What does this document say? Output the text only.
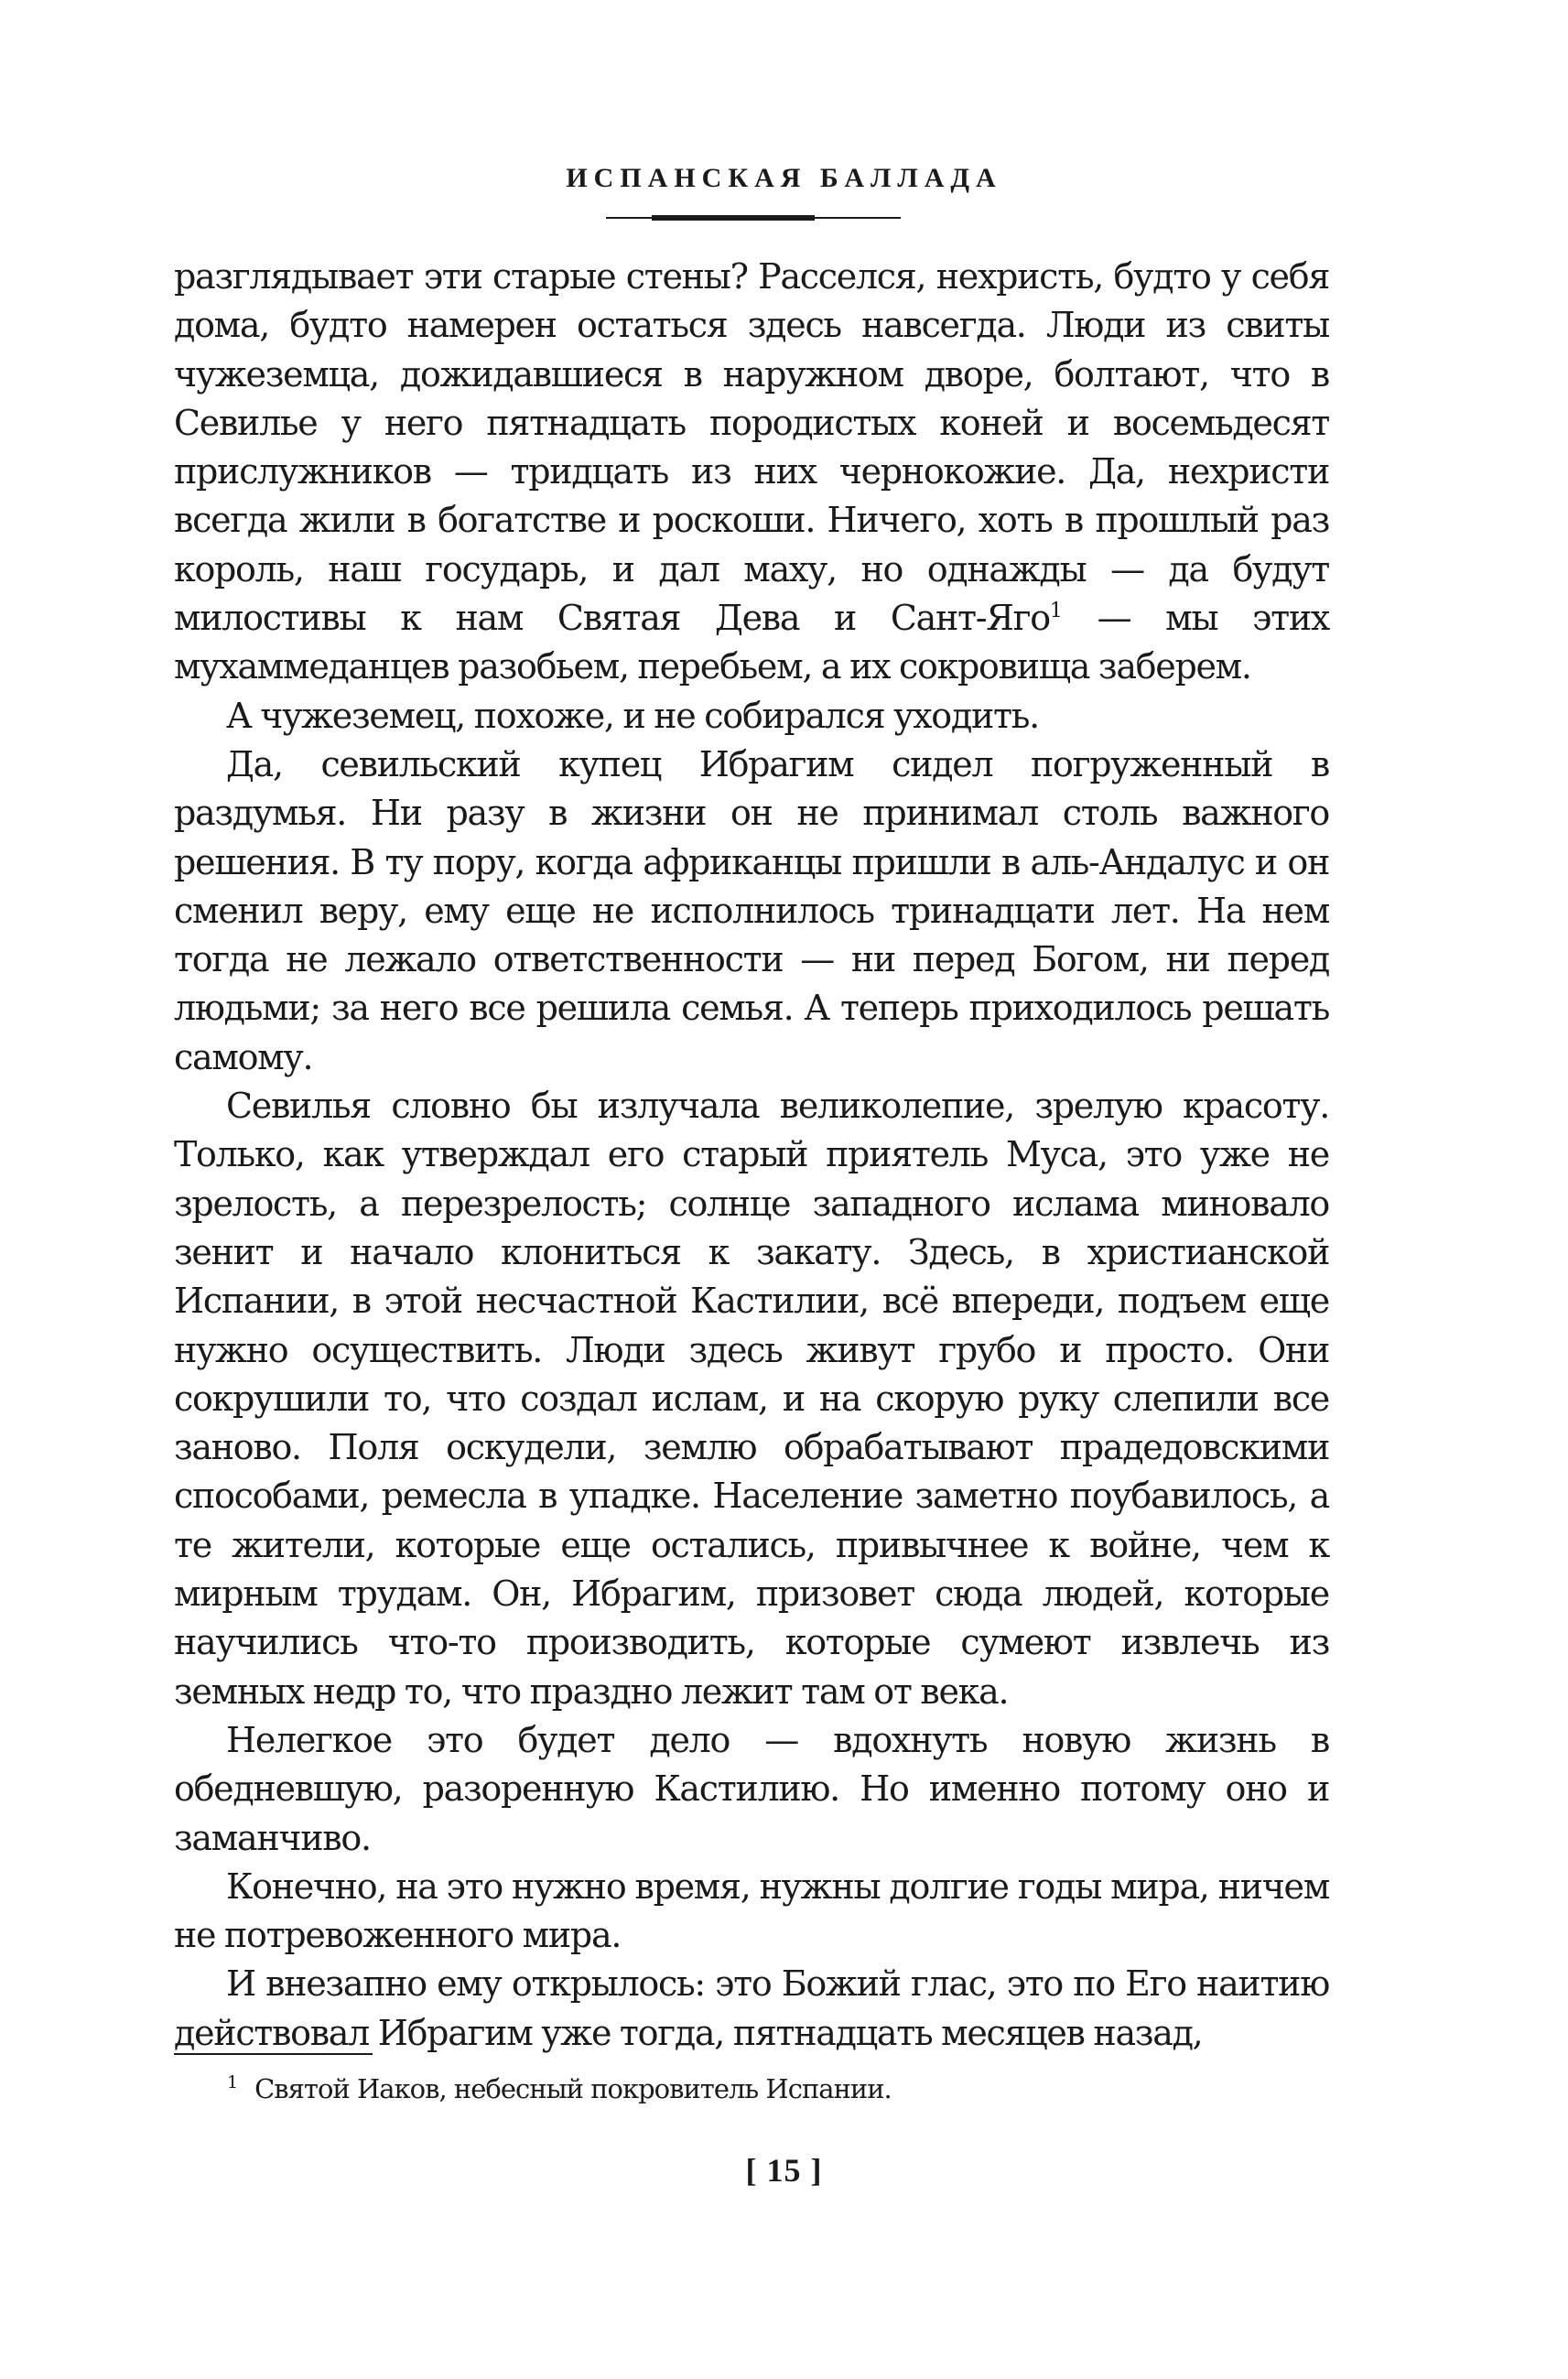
ИСПАНСКАЯ БАЛЛАДА

разглядывает эти старые стены? Расселся, нехристь, будто у себя дома, будто намерен остаться здесь навсегда. Люди из свиты чужеземца, дожидавшиеся в наружном дворе, болтают, что в Севилье у него пятнадцать породистых коней и восемьдесят прислужников — тридцать из них чернокожие. Да, нехристи всегда жили в богатстве и роскоши. Ничего, хоть в прошлый раз король, наш государь, и дал маху, но однажды — да будут милостивы к нам Святая Дева и Сант-Яго$^1$ — мы этих мухаммеданцев разобьем, перебьем, а их сокровища заберем.

А чужеземец, похоже, и не собирался уходить.

Да, севильский купец Ибрагим сидел погруженный в раздумья. Ни разу в жизни он не принимал столь важного решения. В ту пору, когда африканцы пришли в аль-Андалус и он сменил веру, ему еще не исполнилось тринадцати лет. На нем тогда не лежало ответственности — ни перед Богом, ни перед людьми; за него все решила семья. А теперь приходилось решать самому.

Севилья словно бы излучала великолепие, зрелую красоту. Только, как утверждал его старый приятель Муса, это уже не зрелость, а перезрелость; солнце западного ислама миновало зенит и начало клониться к закату. Здесь, в христианской Испании, в этой несчастной Кастилии, всё впереди, подъем еще нужно осуществить. Люди здесь живут грубо и просто. Они сокрушили то, что создал ислам, и на скорую руку слепили все заново. Поля оскудели, землю обрабатывают прадедовскими способами, ремесла в упадке. Население заметно поубавилось, а те жители, которые еще остались, привычнее к войне, чем к мирным трудам. Он, Ибрагим, призовет сюда людей, которые научились что-то производить, которые сумеют извлечь из земных недр то, что праздно лежит там от века.

Нелегкое это будет дело — вдохнуть новую жизнь в обедневшую, разоренную Кастилию. Но именно потому оно и заманчиво.

Конечно, на это нужно время, нужны долгие годы мира, ничем не потревоженного мира.

И внезапно ему открылось: это Божий глас, это по Его наитию действовал Ибрагим уже тогда, пятнадцать месяцев назад,

$^1$ Святой Иаков, небесный покровитель Испании.
[ 15 ]
